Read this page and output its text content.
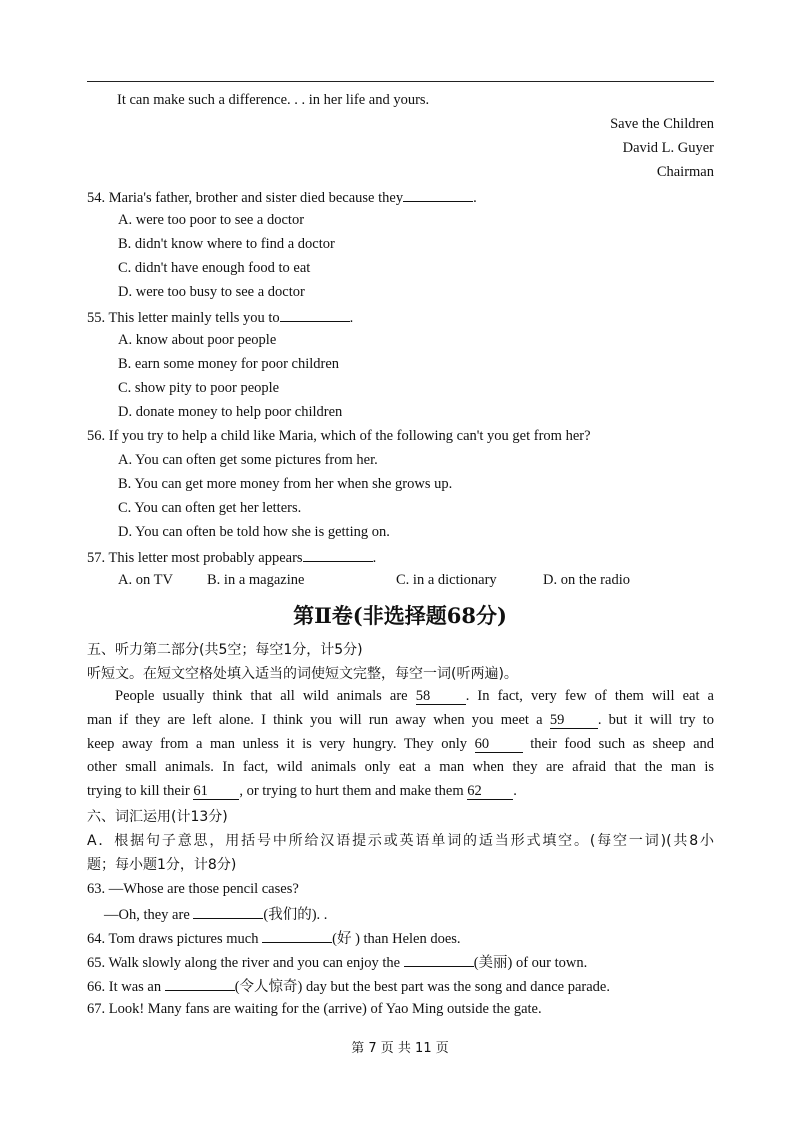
It can make such a difference. . . in her life and yours.
Save the Children
David L. Guyer
Chairman
54. Maria's father, brother and sister died because they	.
A. were too poor to see a doctor
B. didn't know where to find a doctor
C. didn't have enough food to eat
D. were too busy to see a doctor
55. This letter mainly tells you to	.
A. know about poor people
B. earn some money for poor children
C. show pity to poor people
D. donate money to help poor children
56. If you try to help a child like Maria, which of the following can't you get from her?
A. You can often get some pictures from her.
B. You can get more money from her when she grows up.
C. You can often get her letters.
D. You can often be told how she is getting on.
57. This letter most probably appears	.
A. on TV B. in a magazine	C. in a dictionary	D. on the radio
第Ⅱ卷(非选择题68分)
五、听力第二部分(共5空；每空1分，计5分)
听短文。在短文空格处填入适当的词使短文完整，每空一词(听两遍)。
People usually think that all wild animals are 58 . In fact, very few of them will eat a
man if they are left alone. I think you will run away when you meet a 59 . but it will try to
keep away from a man unless it is very hungry. They only 60	their food such as sheep and
other small animals. In fact, wild animals only eat a man when they are afraid that the man is
trying to kill their 61 , or trying to hurt them and make them 62 .
六、词汇运用(计13分)
A．根据句子意思，用括号中所给汉语提示或英语单词的适当形式填空。(每空一词)(共8小
题；每小题1分，计8分)
63. —Whose are those pencil cases?
—Oh, they are	(我们的). .
64. Tom draws pictures much	(好 ) than Helen does.
65. Walk slowly along the river and you can enjoy the	(美丽) of our town.
66. It was an	(令人惊奇) day but the best part was the song and dance parade.
67. Look! Many fans are waiting for the (arrive) of Yao Ming outside the gate.
第 7 页 共 11 页
